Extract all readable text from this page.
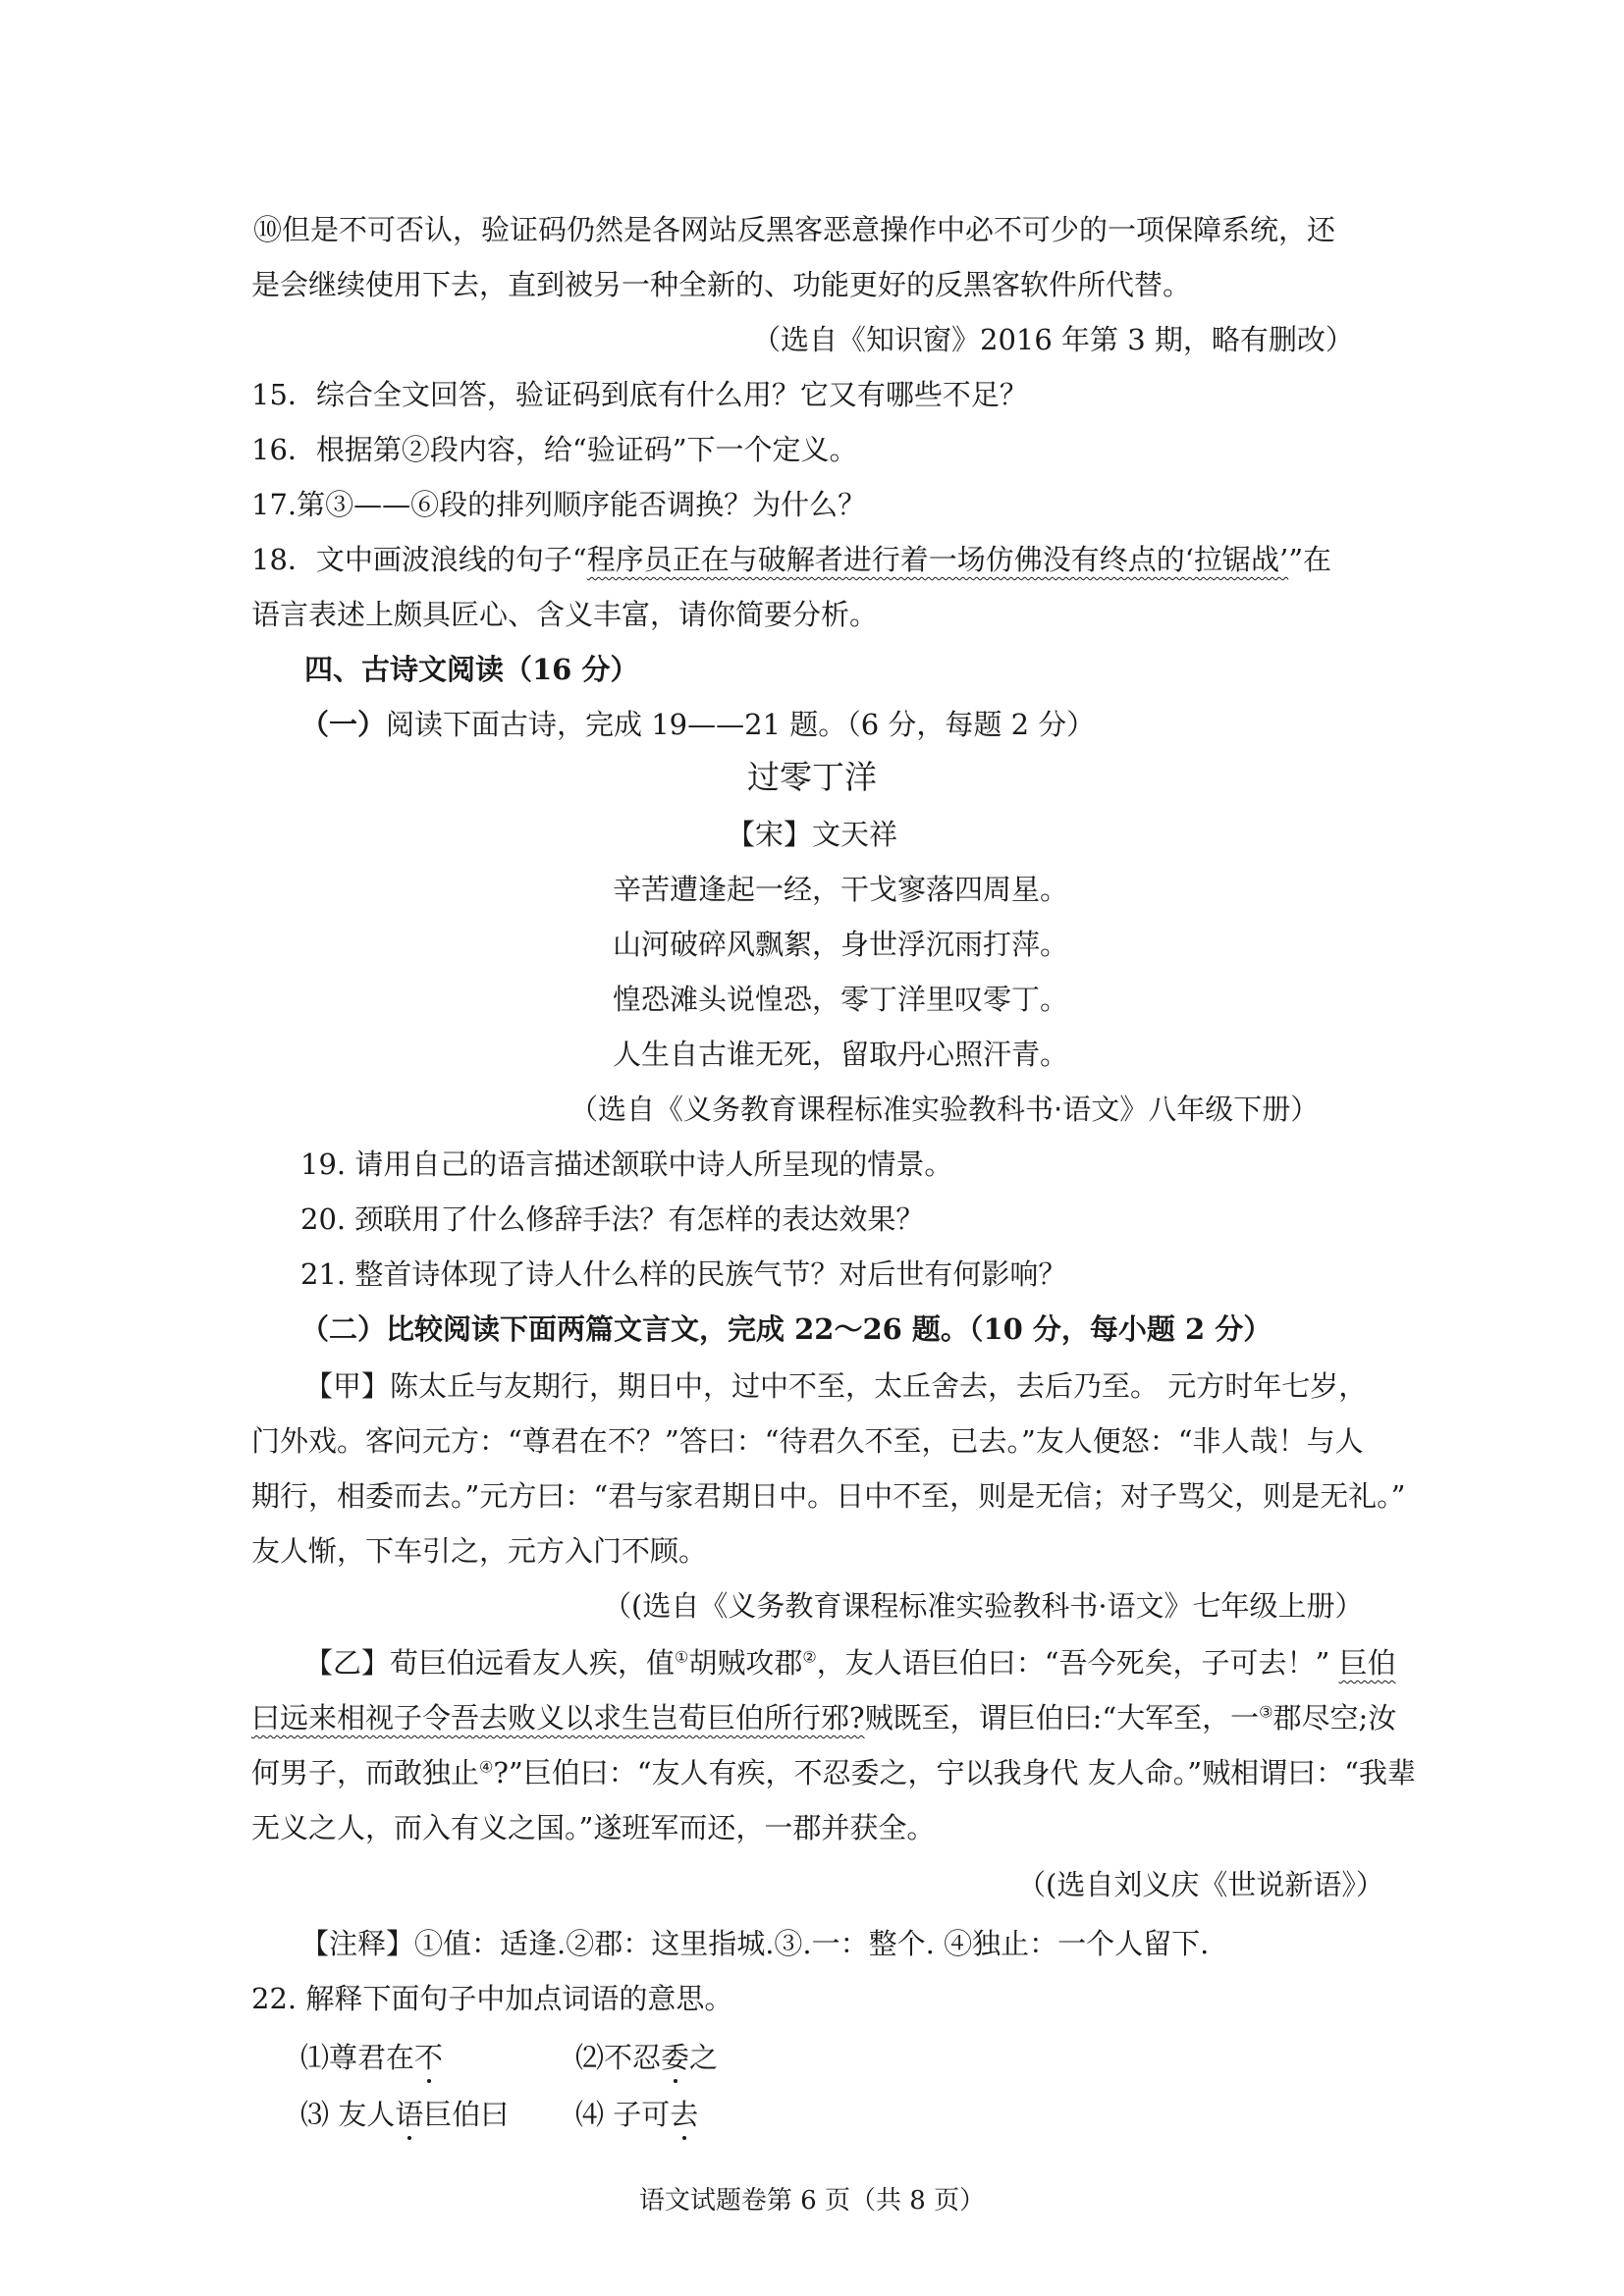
⑩但是不可否认，验证码仍然是各网站反黑客恶意操作中必不可少的一项保障系统，还
是会继续使用下去，直到被另一种全新的、功能更好的反黑客软件所代替。
（选自《知识窗》2016 年第 3 期，略有删改）
15．综合全文回答，验证码到底有什么用？它又有哪些不足？
16．根据第②段内容，给“验证码”下一个定义。
17.第③——⑥段的排列顺序能否调换？为什么？
18．文中画波浪线的句子“程序员正在与破解者进行着一场仿佛没有终点的‘拉锯战’”在
语言表述上颇具匠心、含义丰富，请你简要分析。
四、古诗文阅读（16 分）
（一）阅读下面古诗，完成 19——21 题。（6 分，每题 2 分）
过零丁洋
【宋】文天祥
辛苦遭逢起一经，干戈寥落四周星。
山河破碎风飘絮，身世浮沉雨打萍。
惶恐滩头说惶恐，零丁洋里叹零丁。
人生自古谁无死，留取丹心照汗青。
（选自《义务教育课程标准实验教科书·语文》八年级下册）
19. 请用自己的语言描述颔联中诗人所呈现的情景。
20. 颈联用了什么修辞手法？有怎样的表达效果？
21. 整首诗体现了诗人什么样的民族气节？对后世有何影响？
（二）比较阅读下面两篇文言文，完成 22～26 题。（10 分，每小题 2 分）
【甲】陈太丘与友期行，期日中，过中不至，太丘舍去，去后乃至。 元方时年七岁，
门外戏。客问元方：“尊君在不？”答曰：“待君久不至，已去。”友人便怒：“非人哉！与人
期行，相委而去。”元方曰：“君与家君期日中。日中不至，则是无信；对子骂父，则是无礼。”
友人惭，下车引之，元方入门不顾。
（(选自《义务教育课程标准实验教科书·语文》七年级上册）
【乙】荀巨伯远看友人疾，值①胡贼攻郡②，友人语巨伯曰：“吾今死矣，子可去！” 巨伯
曰远来相视子令吾去败义以求生岂荀巨伯所行邪?贼既至，谓巨伯曰:“大军至，一③郡尽空;汝
何男子，而敢独止④?”巨伯曰：“友人有疾，不忍委之，宁以我身代 友人命。”贼相谓曰：“我辈
无义之人，而入有义之国。”遂班军而还，一郡并获全。
（(选自刘义庆《世说新语》）
【注释】①值：适逢.②郡：这里指城.③.一：整个. ④独止：一个人留下.
22. 解释下面句子中加点词语的意思。
⑴尊君在不	⑵不忍委之
⑶ 友人语巨伯曰 ⑷ 子可去
语文试题卷第 6 页（共 8 页）
